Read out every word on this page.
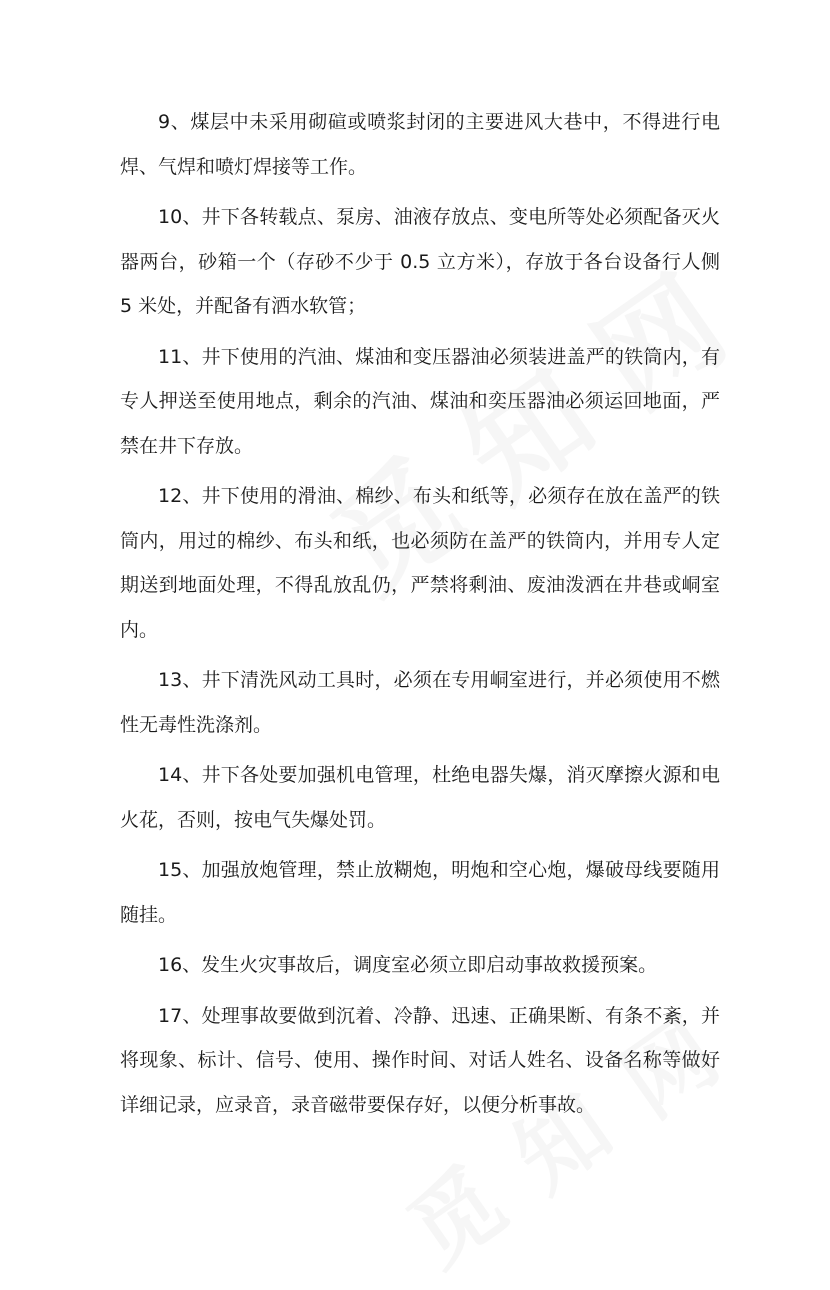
9、煤层中未采用砌碹或喷浆封闭的主要进风大巷中，不得进行电焊、气焊和喷灯焊接等工作。

10、井下各转载点、泵房、油液存放点、变电所等处必须配备灭火器两台，砂箱一个（存砂不少于 0.5 立方米），存放于各台设备行人侧 5 米处，并配备有洒水软管；

11、井下使用的汽油、煤油和变压器油必须装进盖严的铁筒内，有专人押送至使用地点，剩余的汽油、煤油和奕压器油必须运回地面，严禁在井下存放。

12、井下使用的滑油、棉纱、布头和纸等，必须存在放在盖严的铁筒内，用过的棉纱、布头和纸，也必须防在盖严的铁筒内，并用专人定期送到地面处理，不得乱放乱仍，严禁将剩油、废油泼洒在井巷或峒室内。

13、井下清洗风动工具时，必须在专用峒室进行，并必须使用不燃性无毒性洗涤剂。

14、井下各处要加强机电管理，杜绝电器失爆，消灭摩擦火源和电火花，否则，按电气失爆处罚。

15、加强放炮管理，禁止放糊炮，明炮和空心炮，爆破母线要随用随挂。

16、发生火灾事故后，调度室必须立即启动事故救援预案。

17、处理事故要做到沉着、冷静、迅速、正确果断、有条不紊，并将现象、标计、信号、使用、操作时间、对话人姓名、设备名称等做好详细记录，应录音，录音磁带要保存好，以便分析事故。
